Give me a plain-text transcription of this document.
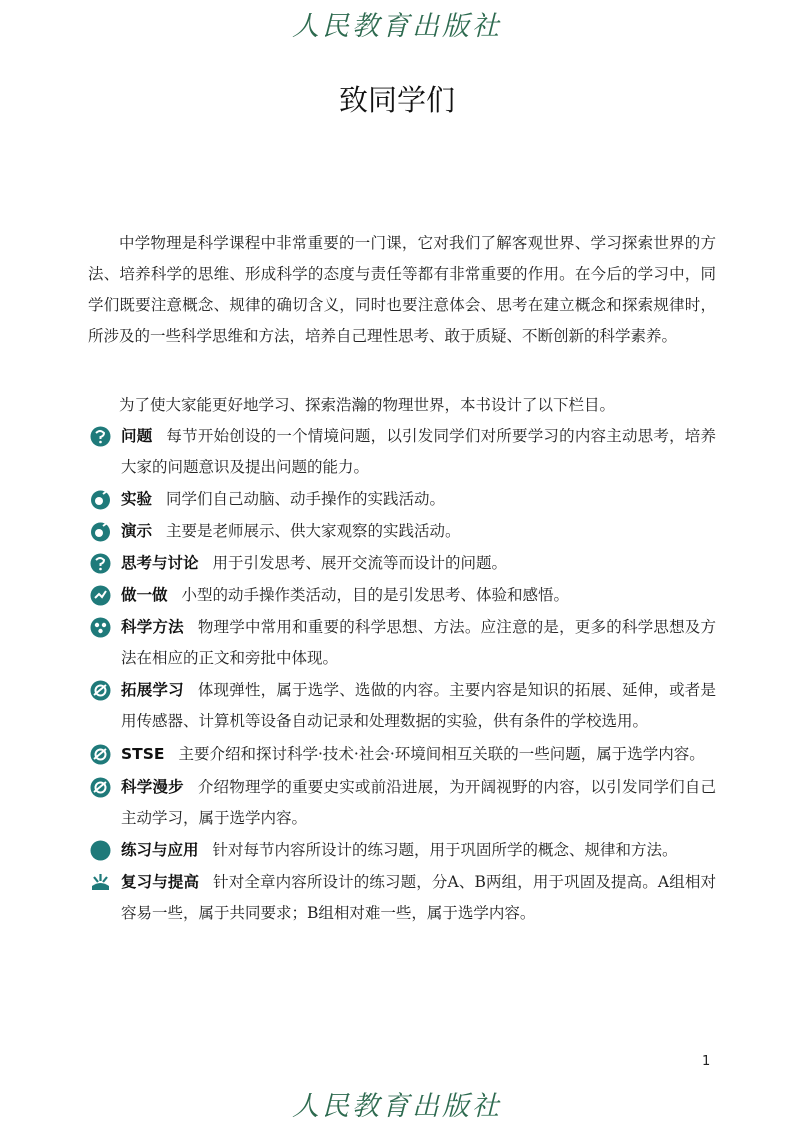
人民教育出版社
致同学们

中学物理是科学课程中非常重要的一门课，它对我们了解客观世界、学习探索世界的方法、培养科学的思维、形成科学的态度与责任等都有非常重要的作用。在今后的学习中，同学们既要注意概念、规律的确切含义，同时也要注意体会、思考在建立概念和探索规律时，所涉及的一些科学思维和方法，培养自己理性思考、敢于质疑、不断创新的科学素养。

为了使大家能更好地学习、探索浩瀚的物理世界，本书设计了以下栏目。

问题 每节开始创设的一个情境问题，以引发同学们对所要学习的内容主动思考，培养大家的问题意识及提出问题的能力。
实验 同学们自己动脑、动手操作的实践活动。
演示 主要是老师展示、供大家观察的实践活动。
思考与讨论 用于引发思考、展开交流等而设计的问题。
做一做 小型的动手操作类活动，目的是引发思考、体验和感悟。
科学方法 物理学中常用和重要的科学思想、方法。应注意的是，更多的科学思想及方法在相应的正文和旁批中体现。
拓展学习 体现弹性，属于选学、选做的内容。主要内容是知识的拓展、延伸，或者是用传感器、计算机等设备自动记录和处理数据的实验，供有条件的学校选用。
STSE 主要介绍和探讨科学·技术·社会·环境间相互关联的一些问题，属于选学内容。
科学漫步 介绍物理学的重要史实或前沿进展，为开阔视野的内容，以引发同学们自己主动学习，属于选学内容。
练习与应用 针对每节内容所设计的练习题，用于巩固所学的概念、规律和方法。
复习与提高 针对全章内容所设计的练习题，分A、B两组，用于巩固及提高。A组相对容易一些，属于共同要求；B组相对难一些，属于选学内容。
1
人民教育出版社
